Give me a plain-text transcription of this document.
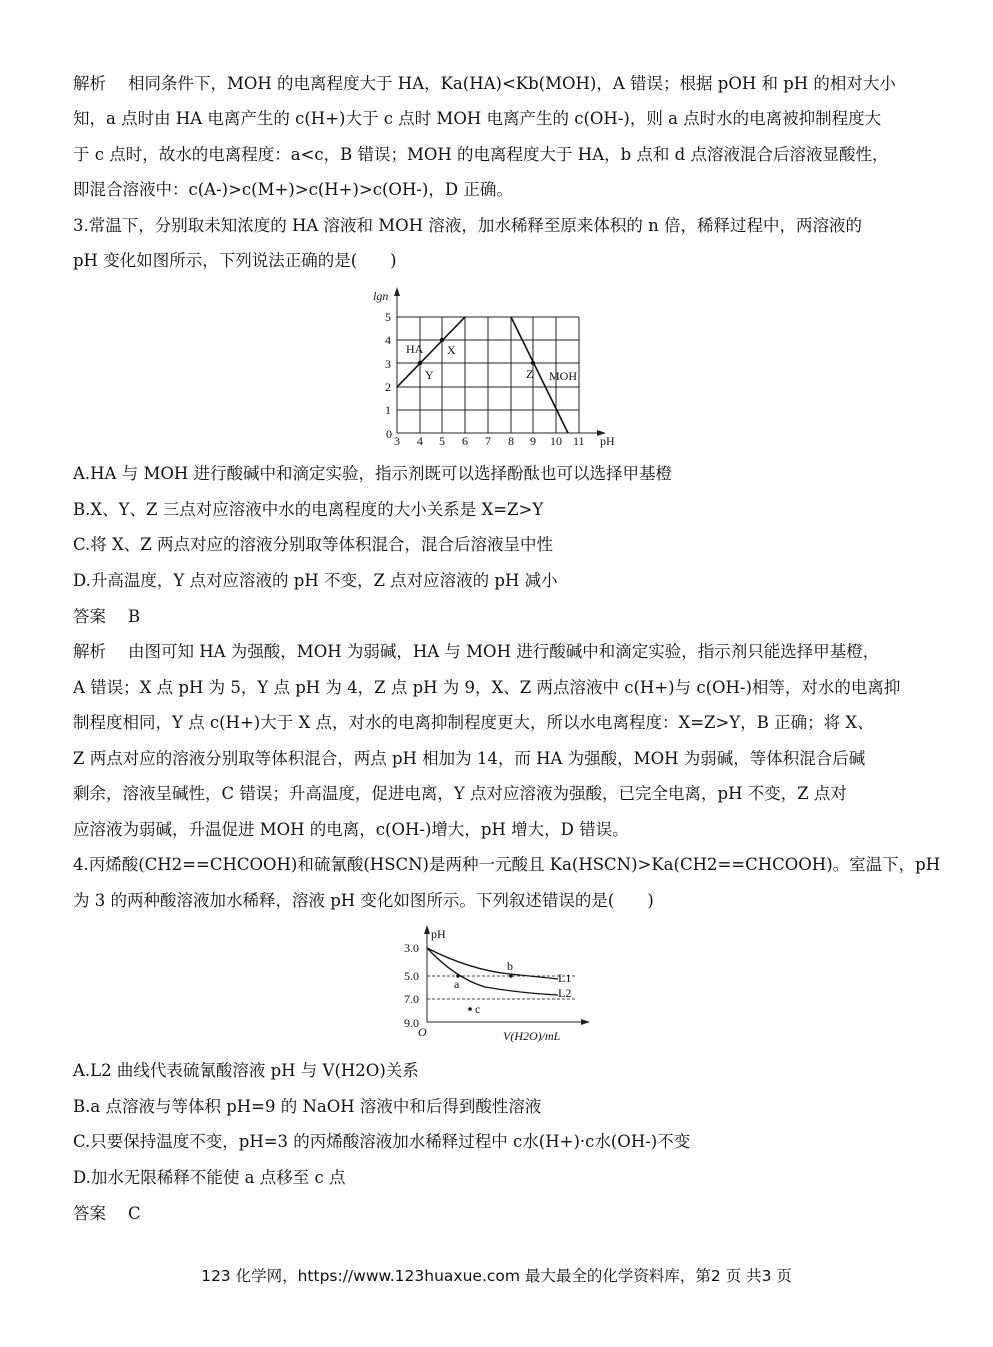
解析 相同条件下，MOH 的电离程度大于 HA，Ka(HA)<Kb(MOH)，A 错误；根据 pOH 和 pH 的相对大小
知，a 点时由 HA 电离产生的 c(H+)大于 c 点时 MOH 电离产生的 c(OH-)，则 a 点时水的电离被抑制程度大
于 c 点时，故水的电离程度：a<c，B 错误；MOH 的电离程度大于 HA，b 点和 d 点溶液混合后溶液显酸性，
即混合溶液中：c(A-)>c(M+)>c(H+)>c(OH-)，D 正确。
3.常温下，分别取未知浓度的 HA 溶液和 MOH 溶液，加水稀释至原来体积的 n 倍，稀释过程中，两溶液的
pH 变化如图所示，下列说法正确的是(　　)
lgn
pH
0
1
2
3
4
5
3 4 5 6 7 8 9 10 11
HA X
Y	Z MOH
A.HA 与 MOH 进行酸碱中和滴定实验，指示剂既可以选择酚酞也可以选择甲基橙
B.X、Y、Z 三点对应溶液中水的电离程度的大小关系是 X=Z>Y
C.将 X、Z 两点对应的溶液分别取等体积混合，混合后溶液呈中性
D.升高温度，Y 点对应溶液的 pH 不变，Z 点对应溶液的 pH 减小
答案 B
解析 由图可知 HA 为强酸，MOH 为弱碱，HA 与 MOH 进行酸碱中和滴定实验，指示剂只能选择甲基橙，
A 错误；X 点 pH 为 5，Y 点 pH 为 4，Z 点 pH 为 9，X、Z 两点溶液中 c(H+)与 c(OH-)相等，对水的电离抑
制程度相同，Y 点 c(H+)大于 X 点，对水的电离抑制程度更大，所以水电离程度：X=Z>Y，B 正确；将 X、
Z 两点对应的溶液分别取等体积混合，两点 pH 相加为 14，而 HA 为强酸，MOH 为弱碱，等体积混合后碱
剩余，溶液呈碱性，C 错误；升高温度，促进电离，Y 点对应溶液为强酸，已完全电离，pH 不变，Z 点对
应溶液为弱碱，升温促进 MOH 的电离，c(OH-)增大，pH 增大，D 错误。
4.丙烯酸(CH2==CHCOOH)和硫氰酸(HSCN)是两种一元酸且 Ka(HSCN)>Ka(CH2==CHCOOH)。室温下，pH
为 3 的两种酸溶液加水稀释，溶液 pH 变化如图所示。下列叙述错误的是(　　)
pH
V(H2O)/mL
O
3.0
5.0
7.0
9.0
a
b
c
L1
L2
A.L2 曲线代表硫氰酸溶液 pH 与 V(H2O)关系
B.a 点溶液与等体积 pH=9 的 NaOH 溶液中和后得到酸性溶液
C.只要保持温度不变，pH=3 的丙烯酸溶液加水稀释过程中 c水(H+)·c水(OH-)不变
D.加水无限稀释不能使 a 点移至 c 点
答案 C
123 化学网，https://www.123huaxue.com 最大最全的化学资料库，第2 页 共3 页
